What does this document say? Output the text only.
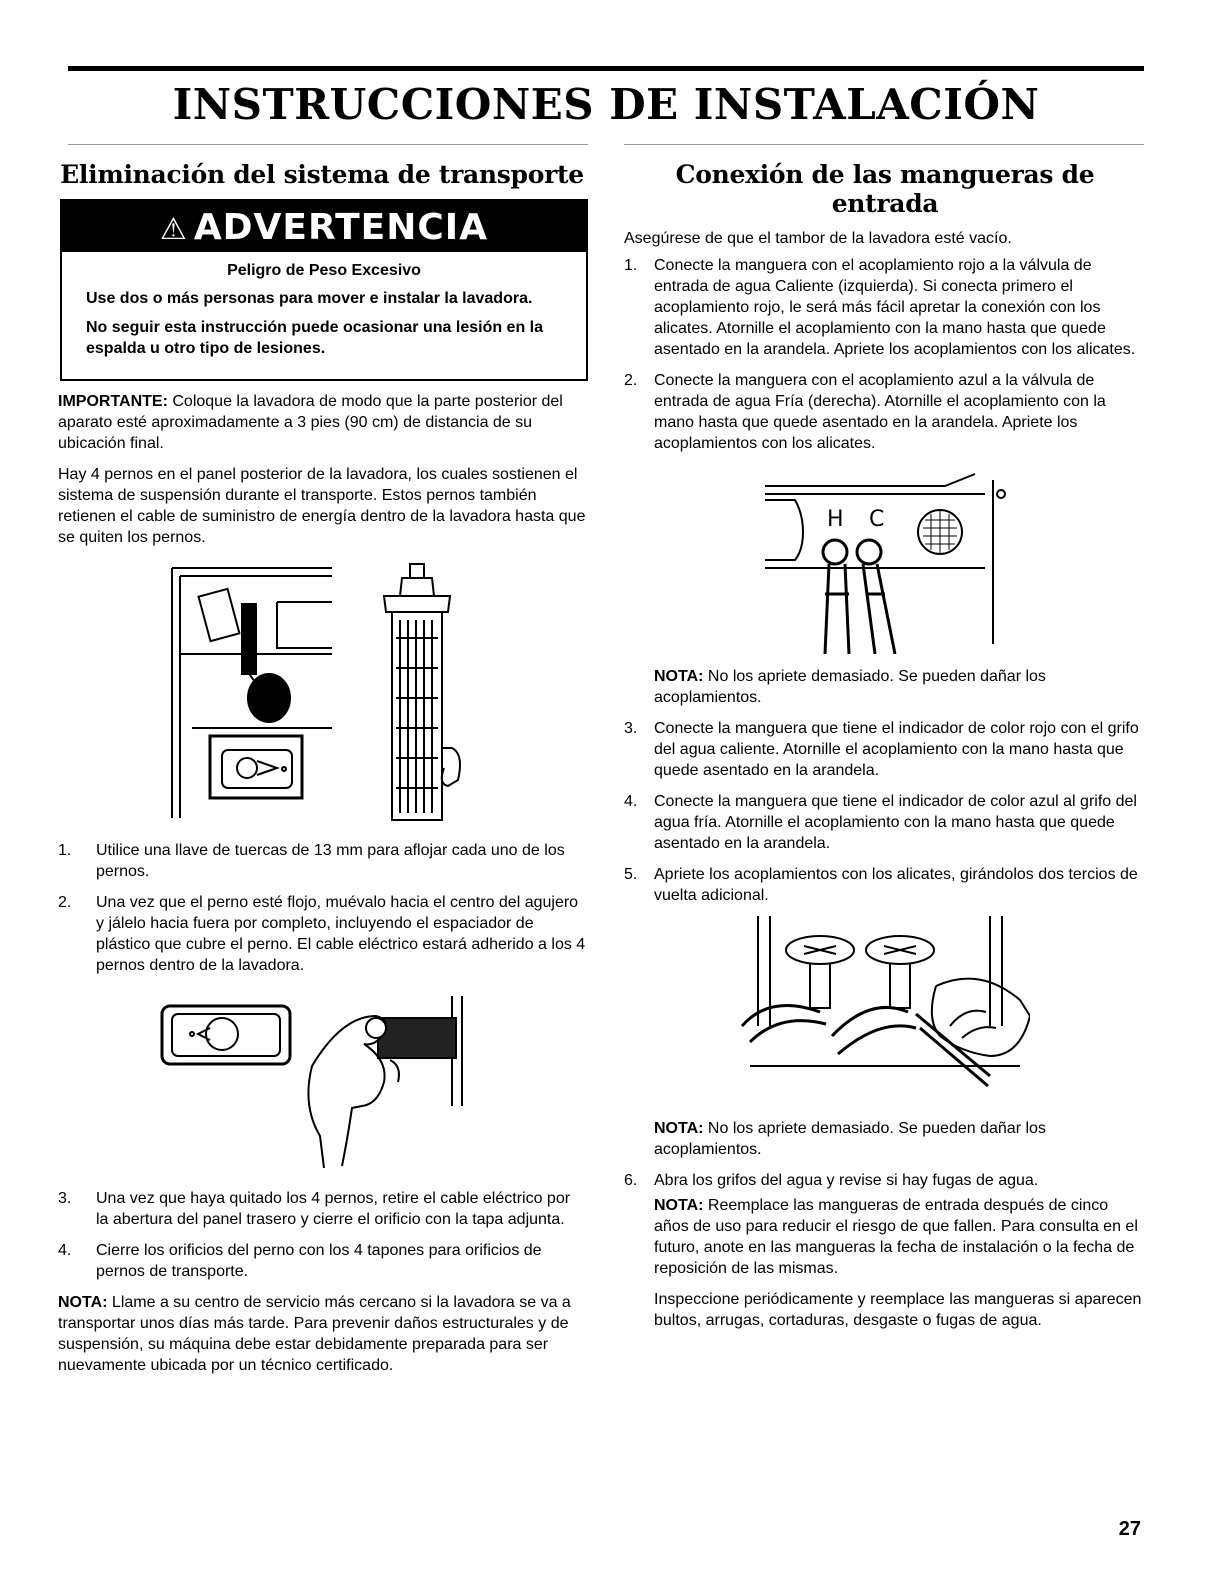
INSTRUCCIONES DE INSTALACIÓN
Eliminación del sistema de transporte
⚠ ADVERTENCIA
Peligro de Peso Excesivo
Use dos o más personas para mover e instalar la lavadora.
No seguir esta instrucción puede ocasionar una lesión en la espalda u otro tipo de lesiones.

IMPORTANTE: Coloque la lavadora de modo que la parte posterior del aparato esté aproximadamente a 3 pies (90 cm) de distancia de su ubicación final.

Hay 4 pernos en el panel posterior de la lavadora, los cuales sostienen el sistema de suspensión durante el transporte. Estos pernos también retienen el cable de suministro de energía dentro de la lavadora hasta que se quiten los pernos.

1. Utilice una llave de tuercas de 13 mm para aflojar cada uno de los pernos.
2. Una vez que el perno esté flojo, muévalo hacia el centro del agujero y jálelo hacia fuera por completo, incluyendo el espaciador de plástico que cubre el perno. El cable eléctrico estará adherido a los 4 pernos dentro de la lavadora.
3. Una vez que haya quitado los 4 pernos, retire el cable eléctrico por la abertura del panel trasero y cierre el orificio con la tapa adjunta.
4. Cierre los orificios del perno con los 4 tapones para orificios de pernos de transporte.

NOTA: Llame a su centro de servicio más cercano si la lavadora se va a transportar unos días más tarde. Para prevenir daños estructurales y de suspensión, su máquina debe estar debidamente preparada para ser nuevamente ubicada por un técnico certificado.

Conexión de las mangueras de entrada

Asegúrese de que el tambor de la lavadora esté vacío.

1. Conecte la manguera con el acoplamiento rojo a la válvula de entrada de agua Caliente (izquierda). Si conecta primero el acoplamiento rojo, le será más fácil apretar la conexión con los alicates. Atornille el acoplamiento con la mano hasta que quede asentado en la arandela. Apriete los acoplamientos con los alicates.
2. Conecte la manguera con el acoplamiento azul a la válvula de entrada de agua Fría (derecha). Atornille el acoplamiento con la mano hasta que quede asentado en la arandela. Apriete los acoplamientos con los alicates.
H C

NOTA: No los apriete demasiado. Se pueden dañar los acoplamientos.

3. Conecte la manguera que tiene el indicador de color rojo con el grifo del agua caliente. Atornille el acoplamiento con la mano hasta que quede asentado en la arandela.
4. Conecte la manguera que tiene el indicador de color azul al grifo del agua fría. Atornille el acoplamiento con la mano hasta que quede asentado en la arandela.
5. Apriete los acoplamientos con los alicates, girándolos dos tercios de vuelta adicional.

NOTA: No los apriete demasiado. Se pueden dañar los acoplamientos.

6. Abra los grifos del agua y revise si hay fugas de agua.

NOTA: Reemplace las mangueras de entrada después de cinco años de uso para reducir el riesgo de que fallen. Para consulta en el futuro, anote en las mangueras la fecha de instalación o la fecha de reposición de las mismas.

Inspeccione periódicamente y reemplace las mangueras si aparecen bultos, arrugas, cortaduras, desgaste o fugas de agua.

27
